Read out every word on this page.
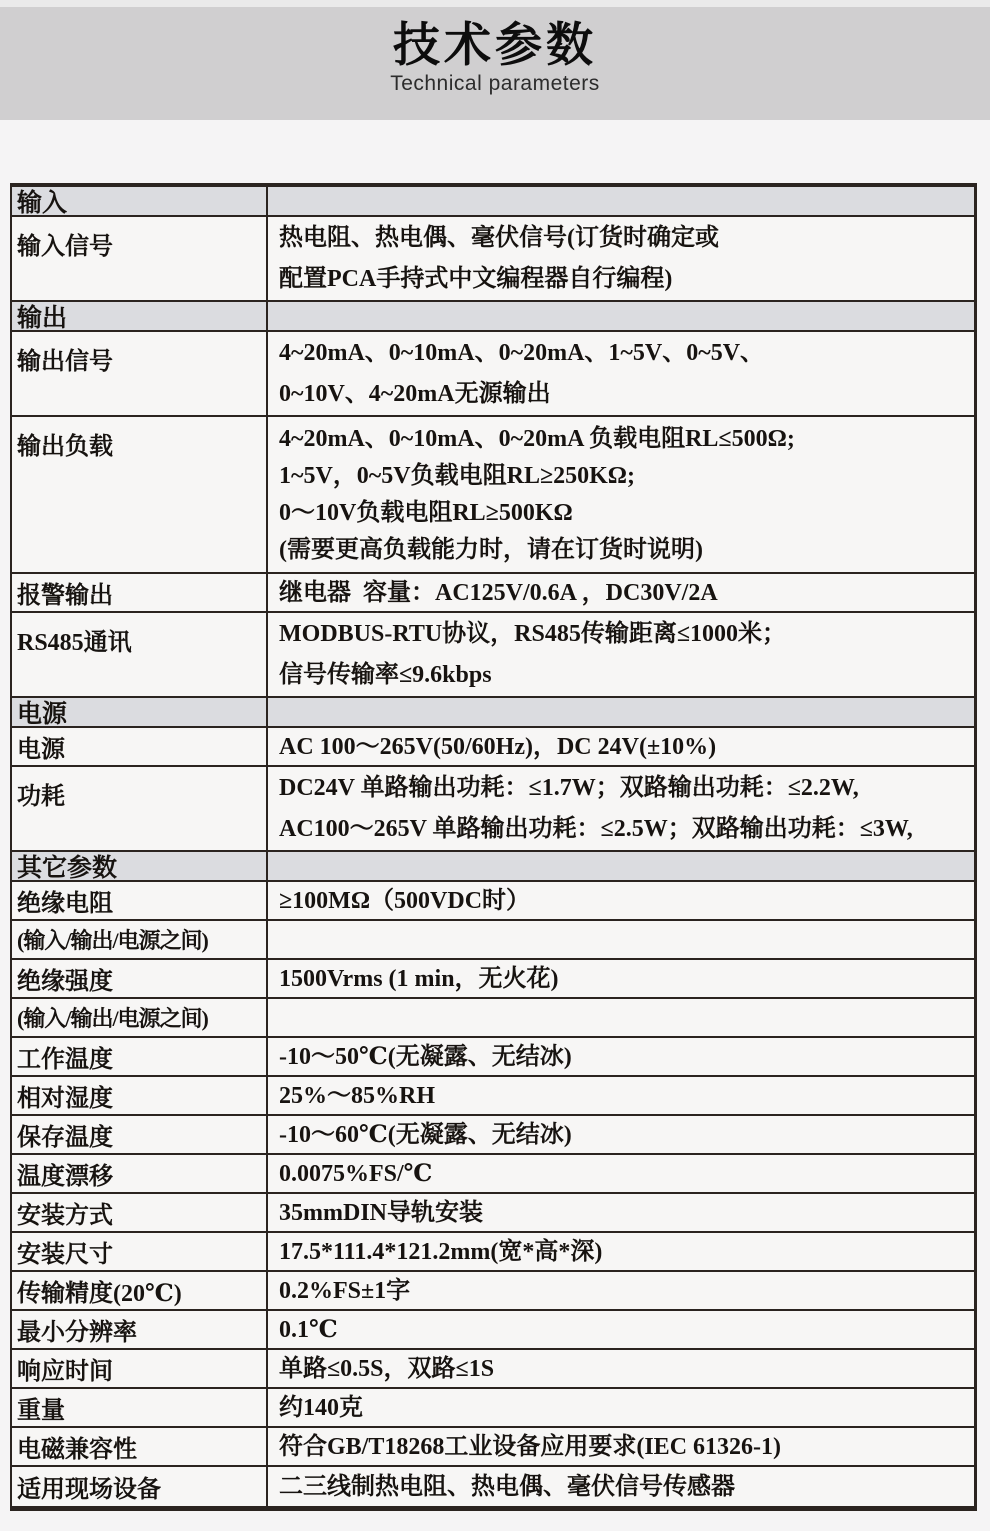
技术参数
Technical parameters
输入
输入信号	热电阻、热电偶、毫伏信号(订货时确定或
配置PCA手持式中文编程器自行编程)
输出
输出信号	4~20mA、0~10mA、0~20mA、1~5V、0~5V、
0~10V、4~20mA无源输出
输出负载	4~20mA、0~10mA、0~20mA 负载电阻RL≤500Ω;
1~5V，0~5V负载电阻RL≥250KΩ;
0～10V负载电阻RL≥500KΩ
(需要更高负载能力时，请在订货时说明)
报警输出	继电器  容量：AC125V/0.6A ，DC30V/2A
RS485通讯	MODBUS-RTU协议，RS485传输距离≤1000米；
信号传输率≤9.6kbps
电源
电源	AC 100～265V(50/60Hz)，DC 24V(±10%)
功耗	DC24V 单路输出功耗：≤1.7W；双路输出功耗：≤2.2W,
AC100～265V 单路输出功耗：≤2.5W；双路输出功耗：≤3W,
其它参数
绝缘电阻	≥100MΩ（500VDC时）
(输入/输出/电源之间)
绝缘强度	1500Vrms (1 min，无火花)
(输入/输出/电源之间)
工作温度	-10～50℃(无凝露、无结冰)
相对湿度	25%～85%RH
保存温度	-10～60℃(无凝露、无结冰)
温度漂移	0.0075%FS/℃
安装方式	35mmDIN导轨安装
安装尺寸	17.5*111.4*121.2mm(宽*高*深)
传输精度(20℃)	0.2%FS±1字
最小分辨率	0.1℃
响应时间	单路≤0.5S，双路≤1S
重量	约140克
电磁兼容性	符合GB/T18268工业设备应用要求(IEC 61326-1)
适用现场设备	二三线制热电阻、热电偶、毫伏信号传感器
